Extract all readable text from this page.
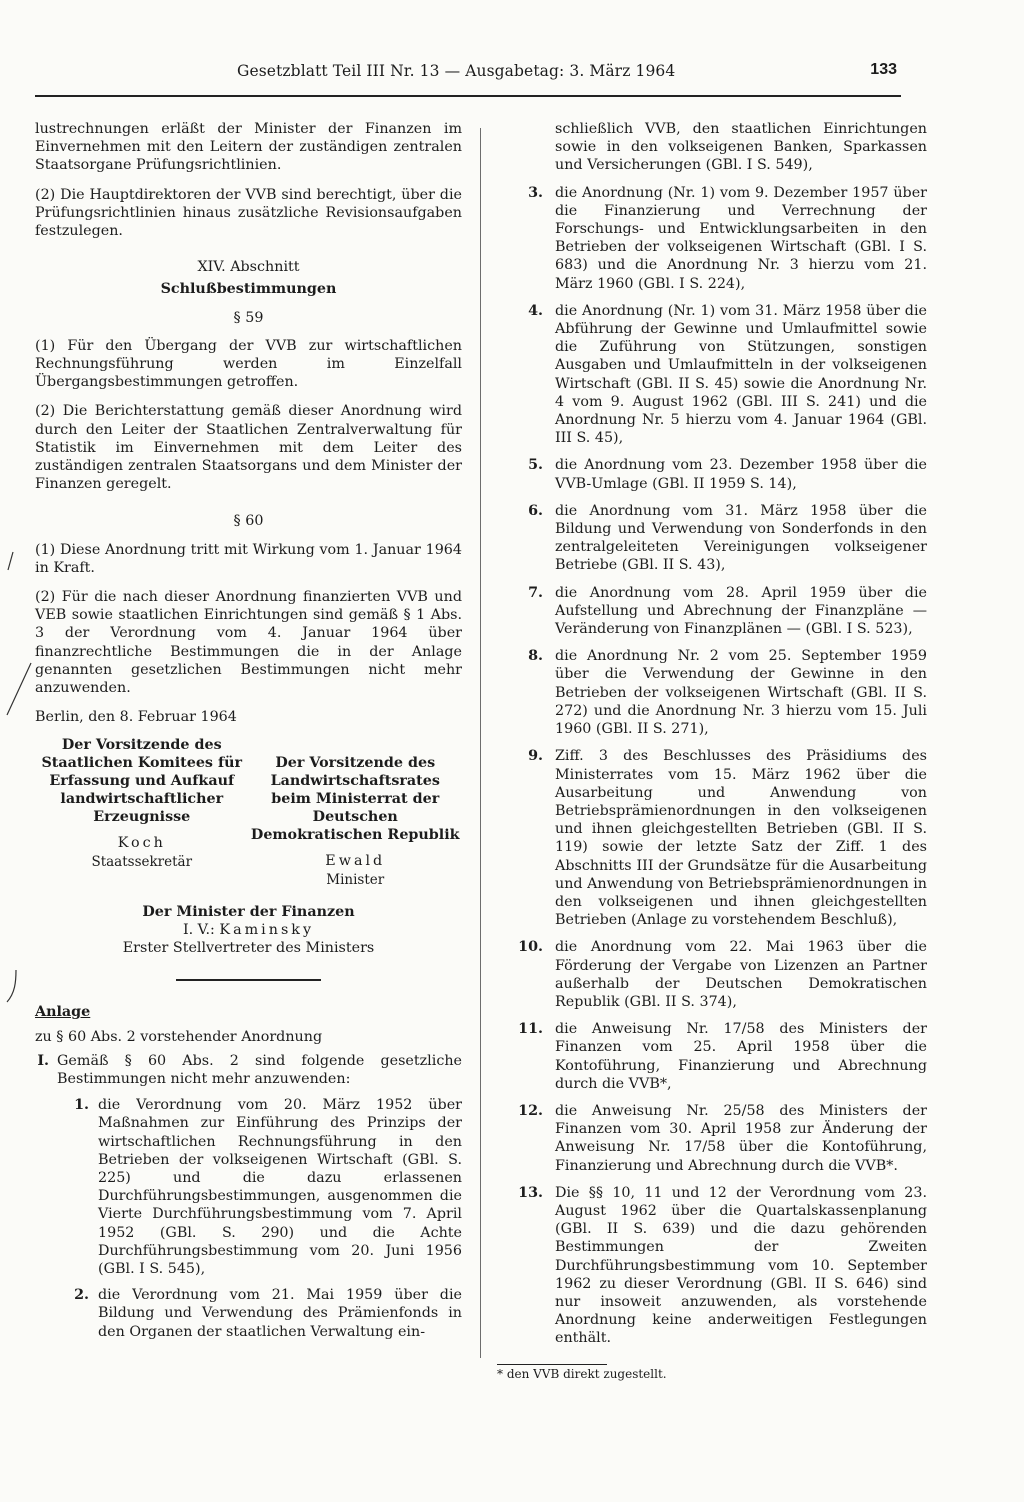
Gesetzblatt Teil III Nr. 13 — Ausgabetag: 3. März 1964	133

lustrechnungen erläßt der Minister der Finanzen im Einvernehmen mit den Leitern der zuständigen zentralen Staatsorgane Prüfungsrichtlinien.

(2) Die Hauptdirektoren der VVB sind berechtigt, über die Prüfungsrichtlinien hinaus zusätzliche Revisionsaufgaben festzulegen.

XIV. Abschnitt

Schlußbestimmungen

§ 59

(1) Für den Übergang der VVB zur wirtschaftlichen Rechnungsführung werden im Einzelfall Übergangsbestimmungen getroffen.

(2) Die Berichterstattung gemäß dieser Anordnung wird durch den Leiter der Staatlichen Zentralverwaltung für Statistik im Einvernehmen mit dem Leiter des zuständigen zentralen Staatsorgans und dem Minister der Finanzen geregelt.

§ 60

(1) Diese Anordnung tritt mit Wirkung vom 1. Januar 1964 in Kraft.

(2) Für die nach dieser Anordnung finanzierten VVB und VEB sowie staatlichen Einrichtungen sind gemäß § 1 Abs. 3 der Verordnung vom 4. Januar 1964 über finanzrechtliche Bestimmungen die in der Anlage genannten gesetzlichen Bestimmungen nicht mehr anzuwenden.

Berlin, den 8. Februar 1964

Der Vorsitzende des Staatlichen Komitees für Erfassung und Aufkauf landwirtschaftlicher Erzeugnisse
Koch
Staatssekretär
Der Vorsitzende des Landwirtschaftsrates beim Ministerrat der Deutschen Demokratischen Republik
Ewald
Minister
Der Minister der Finanzen
I. V.: Kaminsky
Erster Stellvertreter des Ministers

Anlage

zu § 60 Abs. 2 vorstehender Anordnung

I. Gemäß § 60 Abs. 2 sind folgende gesetzliche Bestimmungen nicht mehr anzuwenden:
1. die Verordnung vom 20. März 1952 über Maßnahmen zur Einführung des Prinzips der wirtschaftlichen Rechnungsführung in den Betrieben der volkseigenen Wirtschaft (GBl. S. 225) und die dazu erlassenen Durchführungsbestimmungen, ausgenommen die Vierte Durchführungsbestimmung vom 7. April 1952 (GBl. S. 290) und die Achte Durchführungsbestimmung vom 20. Juni 1956 (GBl. I S. 545),
2. die Verordnung vom 21. Mai 1959 über die Bildung und Verwendung des Prämienfonds in den Organen der staatlichen Verwaltung ein-

schließlich VVB, den staatlichen Einrichtungen sowie in den volkseigenen Banken, Sparkassen und Versicherungen (GBl. I S. 549),

3. die Anordnung (Nr. 1) vom 9. Dezember 1957 über die Finanzierung und Verrechnung der Forschungs- und Entwicklungsarbeiten in den Betrieben der volkseigenen Wirtschaft (GBl. I S. 683) und die Anordnung Nr. 3 hierzu vom 21. März 1960 (GBl. I S. 224),
4. die Anordnung (Nr. 1) vom 31. März 1958 über die Abführung der Gewinne und Umlaufmittel sowie die Zuführung von Stützungen, sonstigen Ausgaben und Umlaufmitteln in der volkseigenen Wirtschaft (GBl. II S. 45) sowie die Anordnung Nr. 4 vom 9. August 1962 (GBl. III S. 241) und die Anordnung Nr. 5 hierzu vom 4. Januar 1964 (GBl. III S. 45),
5. die Anordnung vom 23. Dezember 1958 über die VVB-Umlage (GBl. II 1959 S. 14),
6. die Anordnung vom 31. März 1958 über die Bildung und Verwendung von Sonderfonds in den zentralgeleiteten Vereinigungen volkseigener Betriebe (GBl. II S. 43),
7. die Anordnung vom 28. April 1959 über die Aufstellung und Abrechnung der Finanzpläne — Veränderung von Finanzplänen — (GBl. I S. 523),
8. die Anordnung Nr. 2 vom 25. September 1959 über die Verwendung der Gewinne in den Betrieben der volkseigenen Wirtschaft (GBl. II S. 272) und die Anordnung Nr. 3 hierzu vom 15. Juli 1960 (GBl. II S. 271),
9. Ziff. 3 des Beschlusses des Präsidiums des Ministerrates vom 15. März 1962 über die Ausarbeitung und Anwendung von Betriebsprämienordnungen in den volkseigenen und ihnen gleichgestellten Betrieben (GBl. II S. 119) sowie der letzte Satz der Ziff. 1 des Abschnitts III der Grundsätze für die Ausarbeitung und Anwendung von Betriebsprämienordnungen in den volkseigenen und ihnen gleichgestellten Betrieben (Anlage zu vorstehendem Beschluß),
10. die Anordnung vom 22. Mai 1963 über die Förderung der Vergabe von Lizenzen an Partner außerhalb der Deutschen Demokratischen Republik (GBl. II S. 374),
11. die Anweisung Nr. 17/58 des Ministers der Finanzen vom 25. April 1958 über die Kontoführung, Finanzierung und Abrechnung durch die VVB*,
12. die Anweisung Nr. 25/58 des Ministers der Finanzen vom 30. April 1958 zur Änderung der Anweisung Nr. 17/58 über die Kontoführung, Finanzierung und Abrechnung durch die VVB*.
13. Die §§ 10, 11 und 12 der Verordnung vom 23. August 1962 über die Quartalskassenplanung (GBl. II S. 639) und die dazu gehörenden Bestimmungen der Zweiten Durchführungsbestimmung vom 10. September 1962 zu dieser Verordnung (GBl. II S. 646) sind nur insoweit anzuwenden, als vorstehende Anordnung keine anderweitigen Festlegungen enthält.

* den VVB direkt zugestellt.
